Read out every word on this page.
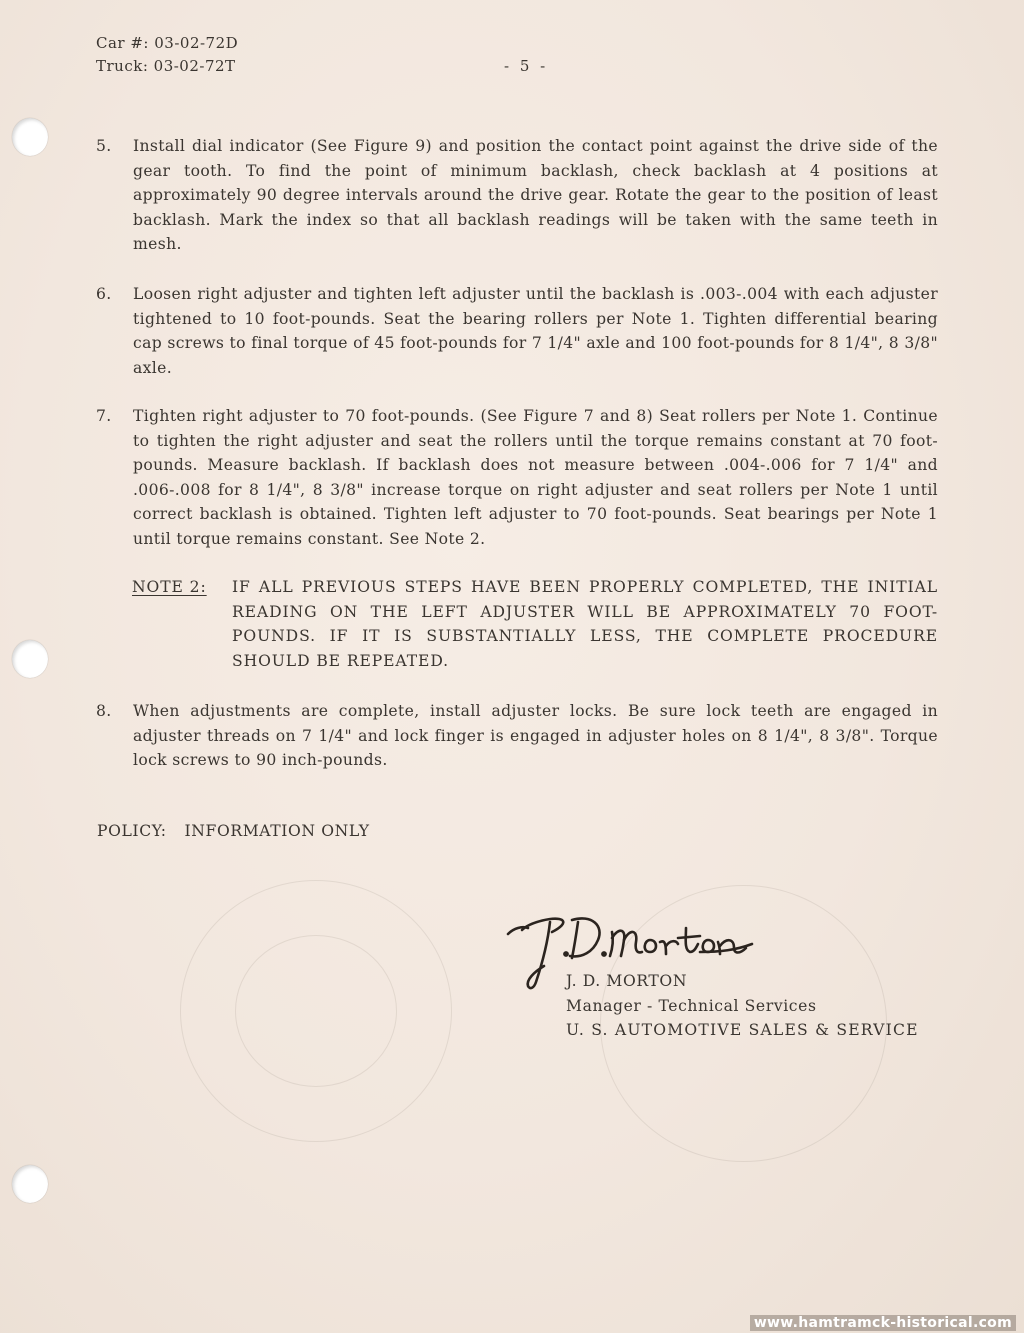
Car #: 03-02-72D
Truck: 03-02-72T	- 5 -
5. Install dial indicator (See Figure 9) and position the contact point against the drive side of the gear tooth. To find the point of minimum backlash, check backlash at 4 positions at approximately 90 degree intervals around the drive gear. Rotate the gear to the position of least backlash. Mark the index so that all backlash readings will be taken with the same teeth in mesh.
6. Loosen right adjuster and tighten left adjuster until the backlash is .003-.004 with each adjuster tightened to 10 foot-pounds. Seat the bearing rollers per Note 1. Tighten differential bearing cap screws to final torque of 45 foot-pounds for 7 1/4" axle and 100 foot-pounds for 8 1/4", 8 3/8" axle.
7. Tighten right adjuster to 70 foot-pounds. (See Figure 7 and 8) Seat rollers per Note 1. Continue to tighten the right adjuster and seat the rollers until the torque remains constant at 70 foot-pounds. Measure backlash. If backlash does not measure between .004-.006 for 7 1/4" and .006-.008 for 8 1/4", 8 3/8" increase torque on right adjuster and seat rollers per Note 1 until correct backlash is obtained. Tighten left adjuster to 70 foot-pounds. Seat bearings per Note 1 until torque remains constant. See Note 2.
NOTE 2: IF ALL PREVIOUS STEPS HAVE BEEN PROPERLY COMPLETED, THE INITIAL READING ON THE LEFT ADJUSTER WILL BE APPROXIMATELY 70 FOOT-POUNDS. IF IT IS SUBSTANTIALLY LESS, THE COMPLETE PROCEDURE SHOULD BE REPEATED.
8. When adjustments are complete, install adjuster locks. Be sure lock teeth are engaged in adjuster threads on 7 1/4" and lock finger is engaged in adjuster holes on 8 1/4", 8 3/8". Torque lock screws to 90 inch-pounds.
POLICY: INFORMATION ONLY
J. D. MORTON
Manager - Technical Services
U. S. AUTOMOTIVE SALES & SERVICE
www.hamtramck-historical.com
